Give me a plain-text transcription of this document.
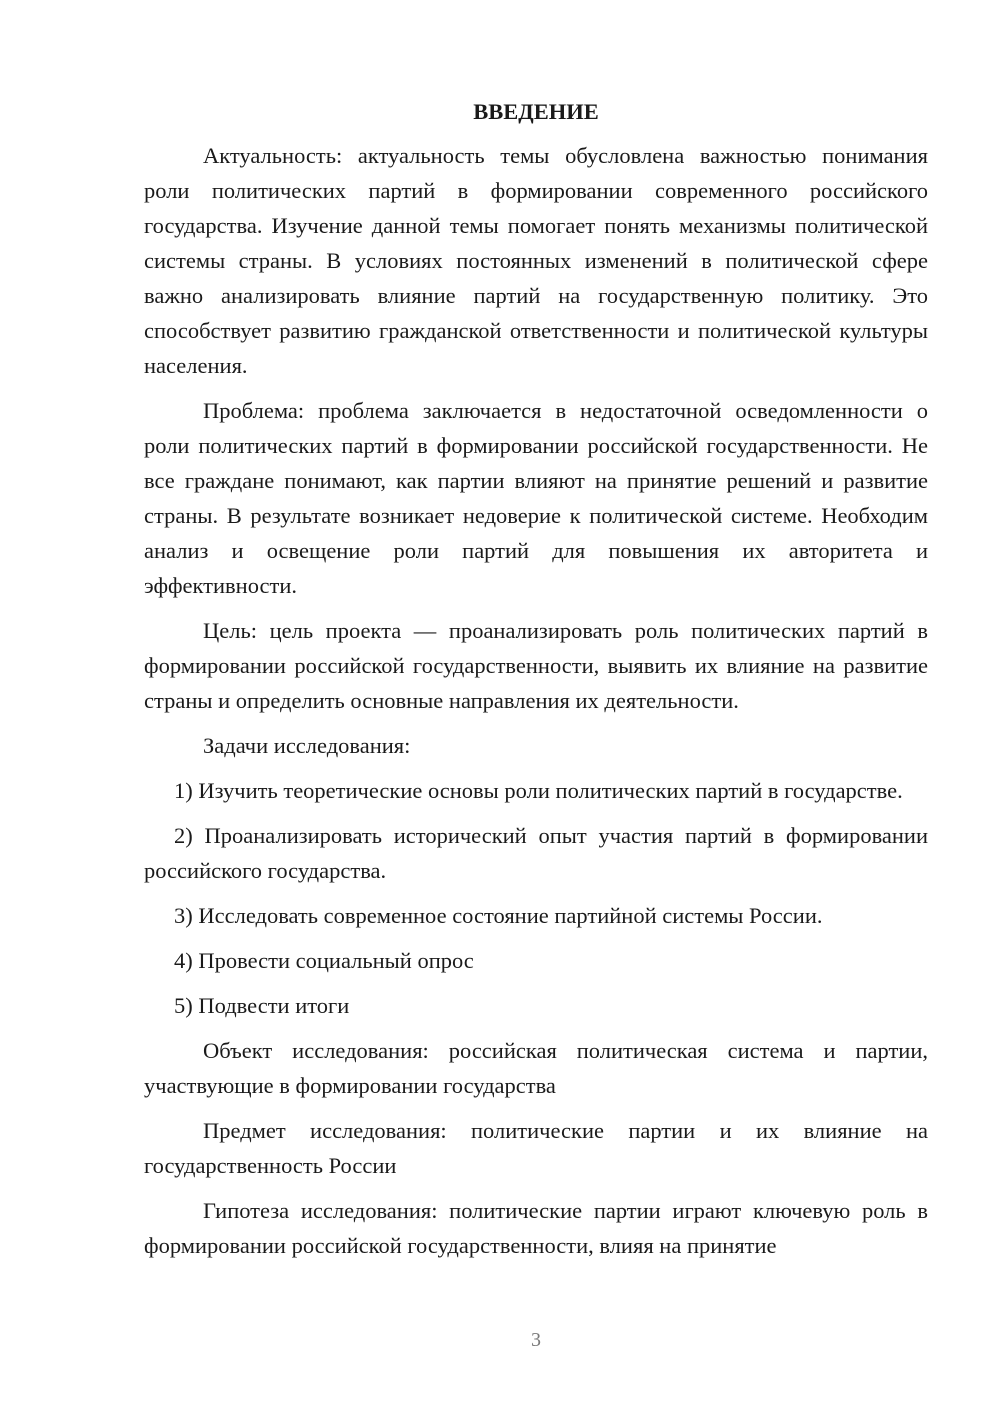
ВВЕДЕНИЕ

Актуальность: актуальность темы обусловлена важностью понимания роли политических партий в формировании современного российского государства. Изучение данной темы помогает понять механизмы политической системы страны. В условиях постоянных изменений в политической сфере важно анализировать влияние партий на государственную политику. Это способствует развитию гражданской ответственности и политической культуры населения.

Проблема: проблема заключается в недостаточной осведомленности о роли политических партий в формировании российской государственности. Не все граждане понимают, как партии влияют на принятие решений и развитие страны. В результате возникает недоверие к политической системе. Необходим анализ и освещение роли партий для повышения их авторитета и эффективности.

Цель: цель проекта — проанализировать роль политических партий в формировании российской государственности, выявить их влияние на развитие страны и определить основные направления их деятельности.

Задачи исследования:

1) Изучить теоретические основы роли политических партий в государстве.

2) Проанализировать исторический опыт участия партий в формировании российского государства.

3) Исследовать современное состояние партийной системы России.

4) Провести социальный опрос

5) Подвести итоги

Объект исследования: российская политическая система и партии, участвующие в формировании государства

Предмет исследования: политические партии и их влияние на государственность России

Гипотеза исследования: политические партии играют ключевую роль в формировании российской государственности, влияя на принятие

3
